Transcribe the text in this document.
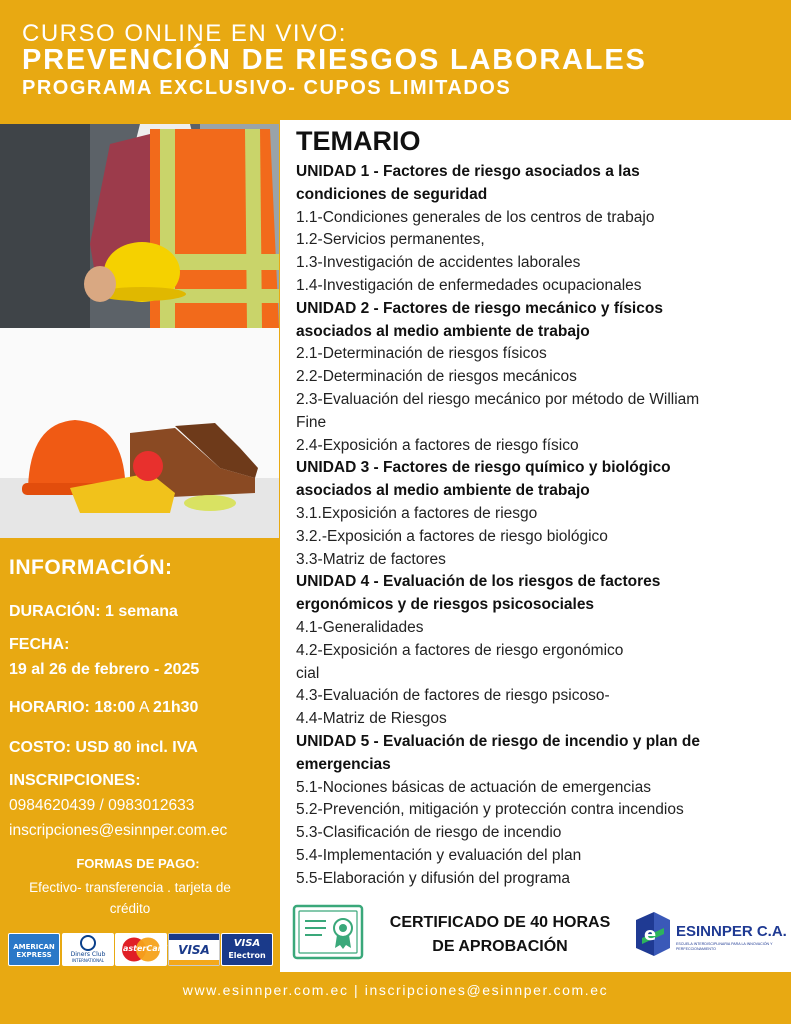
CURSO ONLINE EN VIVO:
PREVENCIÓN DE RIESGOS LABORALES
PROGRAMA EXCLUSIVO- CUPOS LIMITADOS
TEMARIO
UNIDAD 1 - Factores de riesgo asociados a las
condiciones de seguridad
1.1-Condiciones generales de los centros de trabajo
1.2-Servicios permanentes,
1.3-Investigación de accidentes laborales
1.4-Investigación de enfermedades ocupacionales
UNIDAD 2 - Factores de riesgo mecánico y físicos
asociados al medio ambiente de trabajo
2.1-Determinación de riesgos físicos
2.2-Determinación de riesgos mecánicos
2.3-Evaluación del riesgo mecánico por método de William
Fine
2.4-Exposición a factores de riesgo físico
UNIDAD 3 - Factores de riesgo químico y biológico
asociados al medio ambiente de trabajo
3.1.Exposición a factores de riesgo
3.2.-Exposición a factores de riesgo biológico
3.3-Matriz de factores
UNIDAD 4 - Evaluación de los riesgos de factores
ergonómicos y de riesgos psicosociales
4.1-Generalidades
4.2-Exposición a factores de riesgo ergonómico
cial
4.3-Evaluación de factores de riesgo psicoso-
4.4-Matriz de Riesgos
UNIDAD 5 - Evaluación de riesgo de incendio y plan de
emergencias
5.1-Nociones básicas de actuación de emergencias
5.2-Prevención, mitigación y protección contra incendios
5.3-Clasificación de riesgo de incendio
5.4-Implementación y evaluación del plan
5.5-Elaboración y difusión del programa
INFORMACIÓN:
DURACIÓN: 1 semana
FECHA:
19 al 26 de febrero - 2025
HORARIO: 18:00 A 21h30
COSTO: USD 80 incl. IVA
INSCRIPCIONES:
0984620439 / 0983012633
inscripciones@esinnper.com.ec
FORMAS DE PAGO:
Efectivo- transferencia . tarjeta de crédito
AMERICAN
EXPRESS	Diners Club
INTERNATIONAL
MasterCard VISA	VISA
Electron
CERTIFICADO DE 40 HORAS
DE APROBACIÓN
e ESINNPER C.A.
ESCUELA INTERDISCIPLINARIA PARA LA INNOVACIÓN Y PERFECCIONAMIENTO
www.esinnper.com.ec | inscripciones@esinnper.com.ec
